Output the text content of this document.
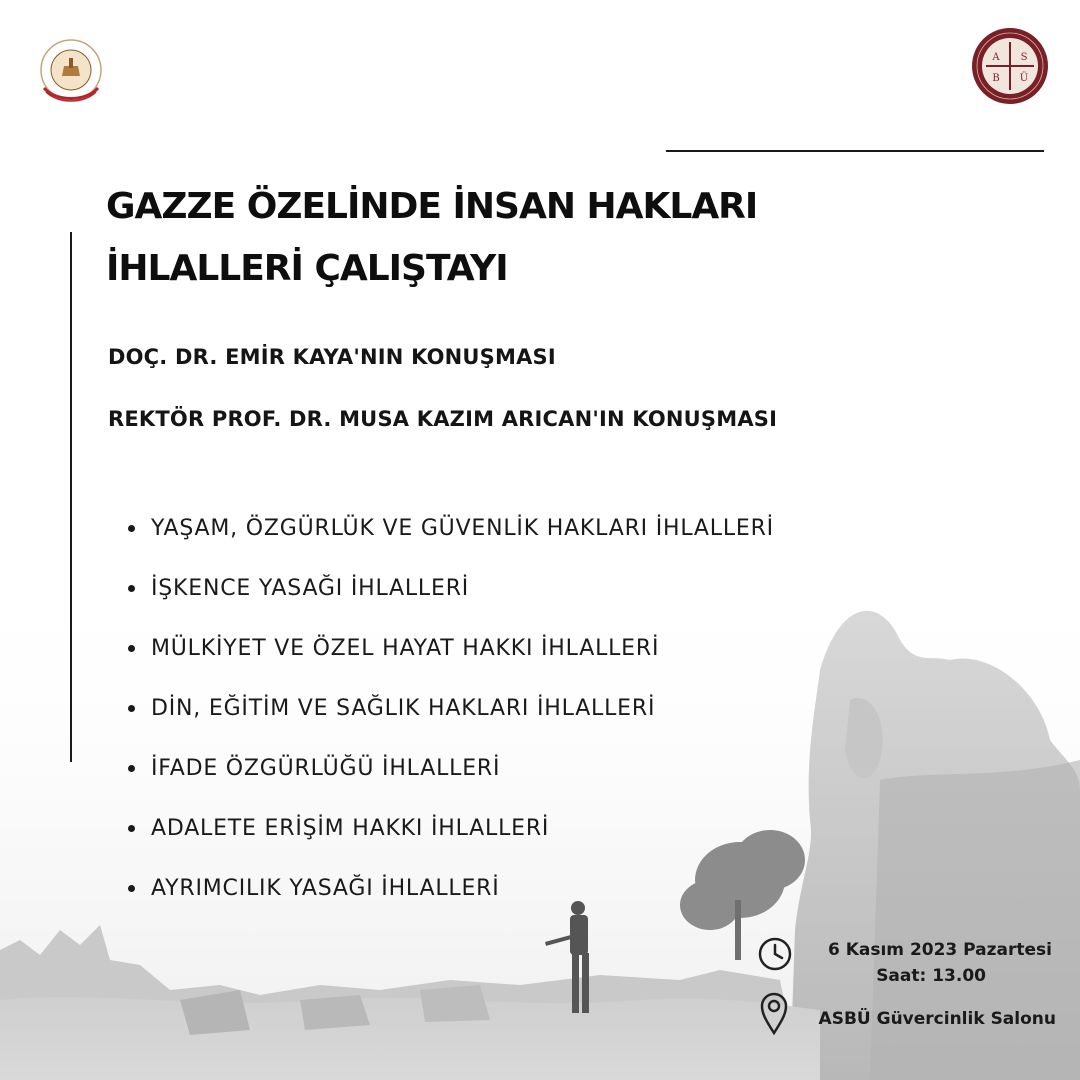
A S
B Ü
GAZZE ÖZELİNDE İNSAN HAKLARI
İHLALLERİ ÇALIŞTAYI
DOÇ. DR. EMİR KAYA'NIN KONUŞMASI
REKTÖR PROF. DR. MUSA KAZIM ARICAN'IN KONUŞMASI
YAŞAM, ÖZGÜRLÜK VE GÜVENLİK HAKLARI İHLALLERİ
İŞKENCE YASAĞI İHLALLERİ
MÜLKİYET VE ÖZEL HAYAT HAKKI İHLALLERİ
DİN, EĞİTİM VE SAĞLIK HAKLARI İHLALLERİ
İFADE ÖZGÜRLÜĞÜ İHLALLERİ
ADALETE ERİŞİM HAKKI İHLALLERİ
AYRIMCILIK YASAĞI İHLALLERİ
6 Kasım 2023 Pazartesi
Saat: 13.00
ASBÜ Güvercinlik Salonu
